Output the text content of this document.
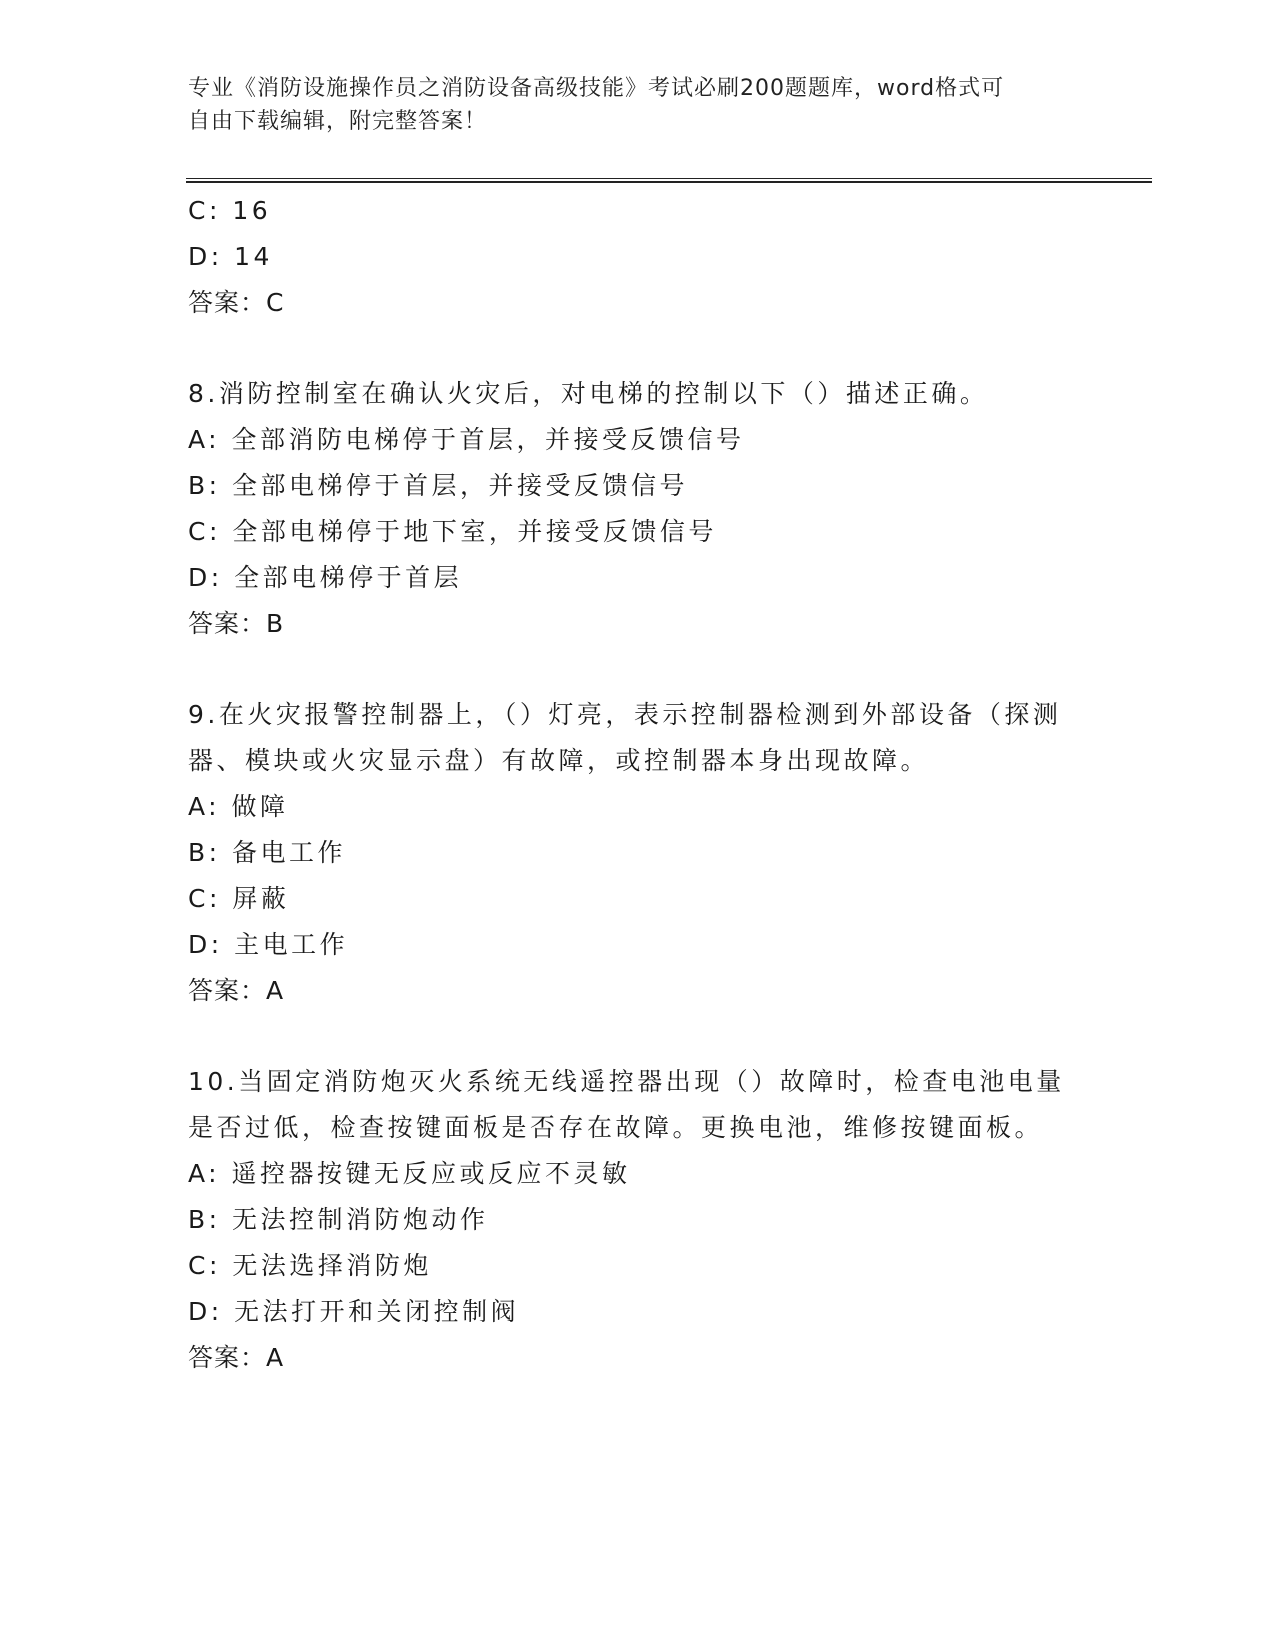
专业《消防设施操作员之消防设备高级技能》考试必刷200题题库，word格式可
自由下载编辑，附完整答案！
C: 16
D: 14
答案：C
8.消防控制室在确认火灾后，对电梯的控制以下（）描述正确。
A: 全部消防电梯停于首层，并接受反馈信号
B: 全部电梯停于首层，并接受反馈信号
C: 全部电梯停于地下室，并接受反馈信号
D: 全部电梯停于首层
答案：B
9.在火灾报警控制器上，（）灯亮，表示控制器检测到外部设备（探测器、模块或火灾显示盘）有故障，或控制器本身出现故障。
A: 做障
B: 备电工作
C: 屏蔽
D: 主电工作
答案：A
10.当固定消防炮灭火系统无线遥控器出现（）故障时，检查电池电量是否过低，检查按键面板是否存在故障。更换电池，维修按键面板。
A: 遥控器按键无反应或反应不灵敏
B: 无法控制消防炮动作
C: 无法选择消防炮
D: 无法打开和关闭控制阀
答案：A
